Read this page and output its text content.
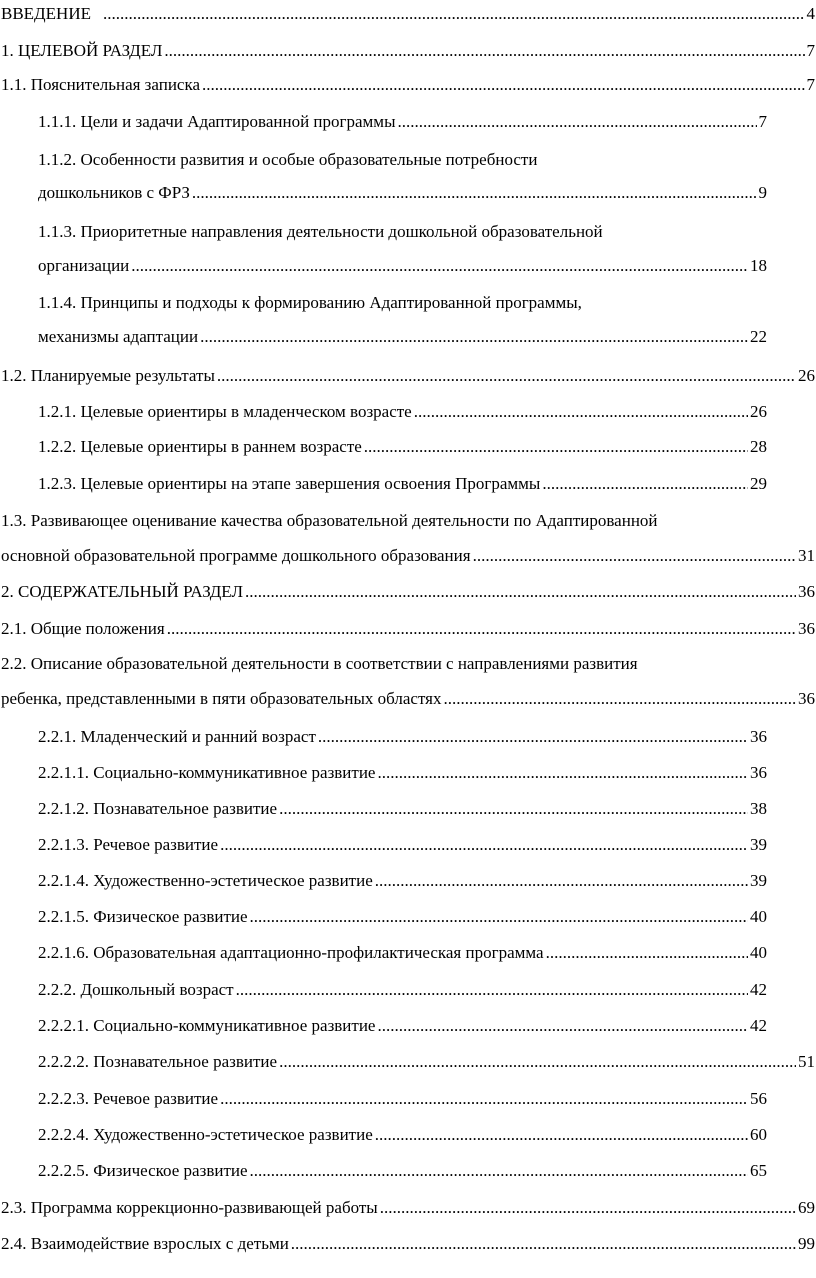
ВВЕДЕНИЕ .....	4
1. ЦЕЛЕВОЙ РАЗДЕЛ .....	7
1.1. Пояснительная записка .....	7
1.1.1. Цели и задачи Адаптированной программы .....	7
1.1.2. Особенности развития и особые образовательные потребности
дошкольников с ФРЗ .....	9
1.1.3. Приоритетные направления деятельности дошкольной образовательной
организации .....	18
1.1.4. Принципы и подходы к формированию Адаптированной программы,
механизмы адаптации .....	22
1.2. Планируемые результаты .....	26
1.2.1. Целевые ориентиры в младенческом возрасте .....	26
1.2.2. Целевые ориентиры в раннем возрасте .....	28
1.2.3. Целевые ориентиры на этапе завершения освоения Программы .....	29
1.3. Развивающее оценивание качества образовательной деятельности по Адаптированной
основной образовательной программе дошкольного образования .....	31
2. СОДЕРЖАТЕЛЬНЫЙ РАЗДЕЛ .....	36
2.1. Общие положения .....	36
2.2. Описание образовательной деятельности в соответствии с направлениями развития
ребенка, представленными в пяти образовательных областях .....	36
2.2.1. Младенческий и ранний возраст .....	36
2.2.1.1. Социально-коммуникативное развитие .....	36
2.2.1.2. Познавательное развитие .....	38
2.2.1.3. Речевое развитие .....	39
2.2.1.4. Художественно-эстетическое развитие .....	39
2.2.1.5. Физическое развитие .....	40
2.2.1.6. Образовательная адаптационно-профилактическая программа .....	40
2.2.2. Дошкольный возраст .....	42
2.2.2.1. Социально-коммуникативное развитие .....	42
2.2.2.2. Познавательное развитие .....	51
2.2.2.3. Речевое развитие .....	56
2.2.2.4. Художественно-эстетическое развитие .....	60
2.2.2.5. Физическое развитие .....	65
2.3. Программа коррекционно-развивающей работы .....	69
2.4. Взаимодействие взрослых с детьми .....	99
